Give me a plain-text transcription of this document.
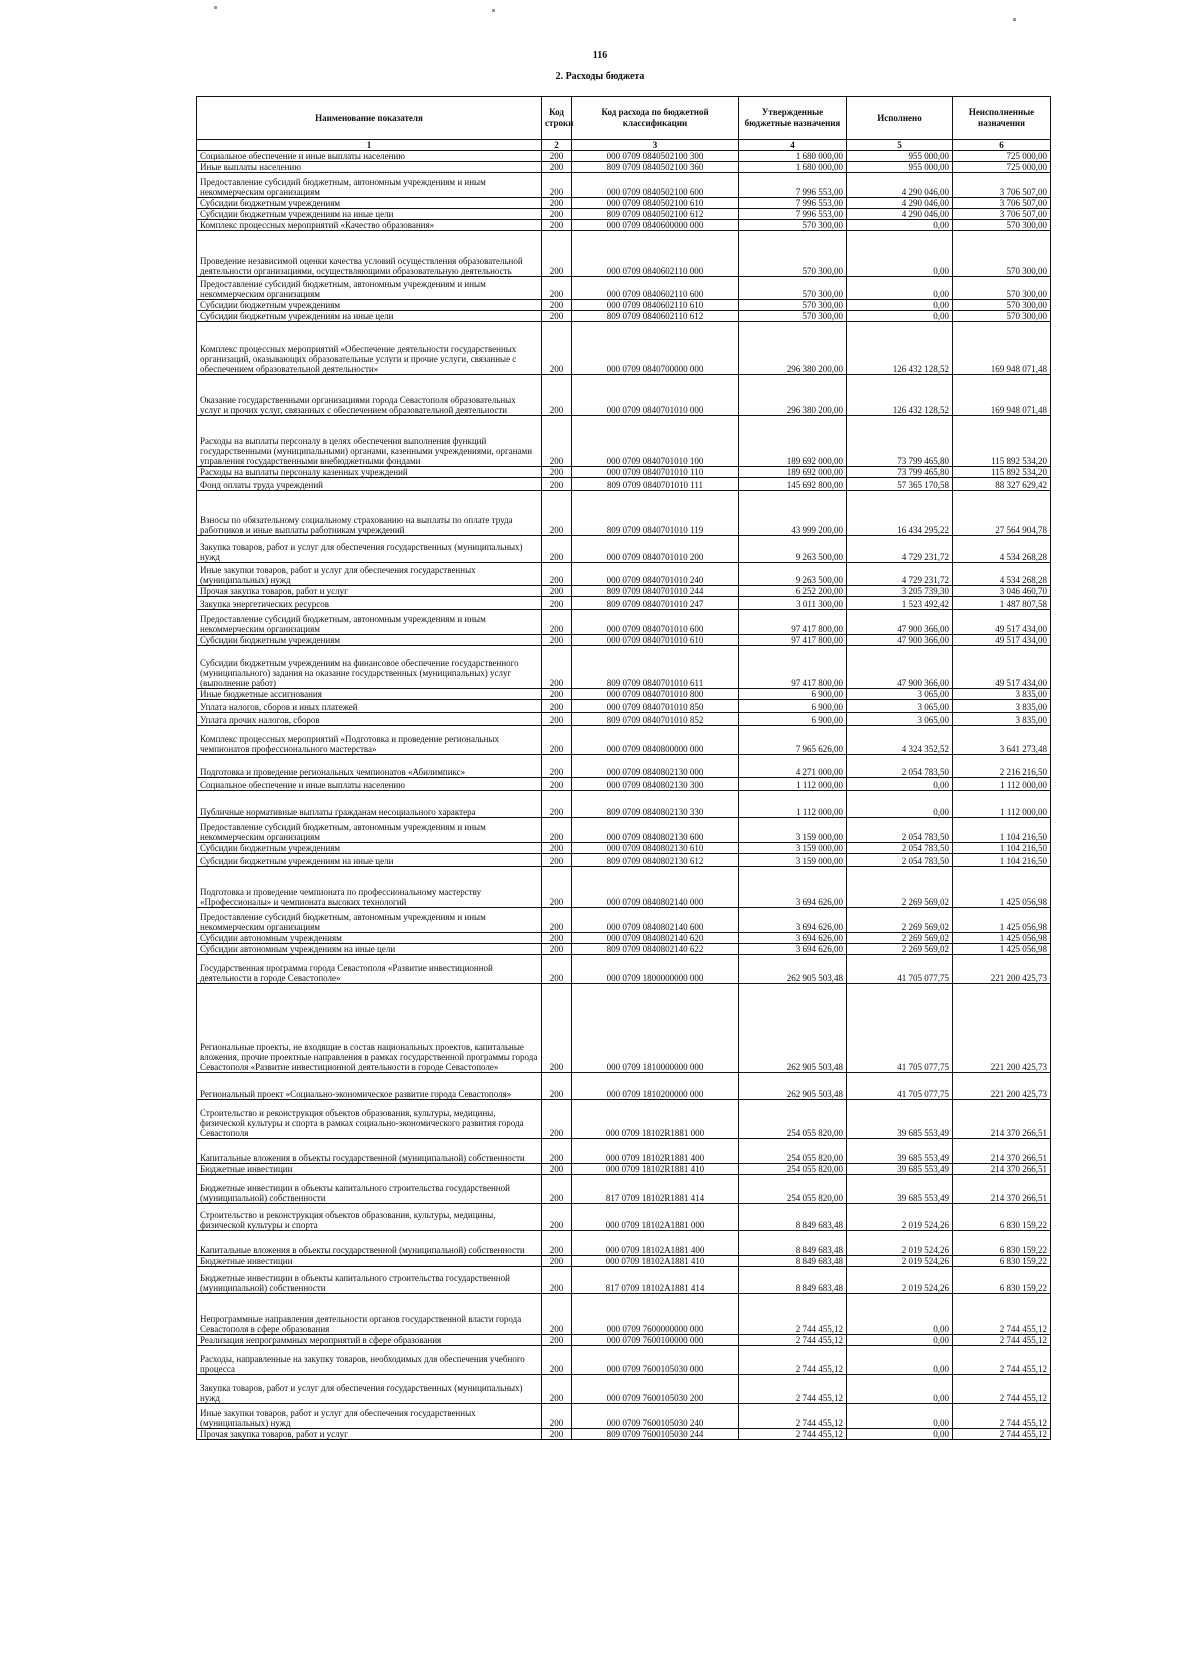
116
2. Расходы бюджета
Наименование показателя	Код строки	Код расхода по бюджетной классификации	Утвержденные бюджетные назначения	Исполнено	Неисполненные назначения
1	2	3	4	5	6
Социальное обеспечение и иные выплаты населению	200	000 0709 0840502100 300	1 680 000,00	955 000,00	725 000,00
Иные выплаты населению	200	809 0709 0840502100 360	1 680 000,00	955 000,00	725 000,00
Предоставление субсидий бюджетным, автономным учреждениям и иным некоммерческим организациям	200	000 0709 0840502100 600	7 996 553,00	4 290 046,00	3 706 507,00
Субсидии бюджетным учреждениям	200	000 0709 0840502100 610	7 996 553,00	4 290 046,00	3 706 507,00
Субсидии бюджетным учреждениям на иные цели	200	809 0709 0840502100 612	7 996 553,00	4 290 046,00	3 706 507,00
Комплекс процессных мероприятий «Качество образования»	200	000 0709 0840600000 000	570 300,00	0,00	570 300,00
Проведение независимой оценки качества условий осуществления образовательной деятельности организациями, осуществляющими образовательную деятельность	200	000 0709 0840602110 000	570 300,00	0,00	570 300,00
Предоставление субсидий бюджетным, автономным учреждениям и иным некоммерческим организациям	200	000 0709 0840602110 600	570 300,00	0,00	570 300,00
Субсидии бюджетным учреждениям	200	000 0709 0840602110 610	570 300,00	0,00	570 300,00
Субсидии бюджетным учреждениям на иные цели	200	809 0709 0840602110 612	570 300,00	0,00	570 300,00
Комплекс процессных мероприятий «Обеспечение деятельности государственных организаций, оказывающих образовательные услуги и прочие услуги, связанные с обеспечением образовательной деятельности»	200	000 0709 0840700000 000	296 380 200,00	126 432 128,52	169 948 071,48
Оказание государственными организациями города Севастополя образовательных услуг и прочих услуг, связанных с обеспечением образовательной деятельности	200	000 0709 0840701010 000	296 380 200,00	126 432 128,52	169 948 071,48
Расходы на выплаты персоналу в целях обеспечения выполнения функций государственными (муниципальными) органами, казенными учреждениями, органами управления государственными внебюджетными фондами	200	000 0709 0840701010 100	189 692 000,00	73 799 465,80	115 892 534,20
Расходы на выплаты персоналу казенных учреждений	200	000 0709 0840701010 110	189 692 000,00	73 799 465,80	115 892 534,20
Фонд оплаты труда учреждений	200	809 0709 0840701010 111	145 692 800,00	57 365 170,58	88 327 629,42
Взносы по обязательному социальному страхованию на выплаты по оплате труда работников и иные выплаты работникам учреждений	200	809 0709 0840701010 119	43 999 200,00	16 434 295,22	27 564 904,78
Закупка товаров, работ и услуг для обеспечения государственных (муниципальных) нужд	200	000 0709 0840701010 200	9 263 500,00	4 729 231,72	4 534 268,28
Иные закупки товаров, работ и услуг для обеспечения государственных (муниципальных) нужд	200	000 0709 0840701010 240	9 263 500,00	4 729 231,72	4 534 268,28
Прочая закупка товаров, работ и услуг	200	809 0709 0840701010 244	6 252 200,00	3 205 739,30	3 046 460,70
Закупка энергетических ресурсов	200	809 0709 0840701010 247	3 011 300,00	1 523 492,42	1 487 807,58
Предоставление субсидий бюджетным, автономным учреждениям и иным некоммерческим организациям	200	000 0709 0840701010 600	97 417 800,00	47 900 366,00	49 517 434,00
Субсидии бюджетным учреждениям	200	000 0709 0840701010 610	97 417 800,00	47 900 366,00	49 517 434,00
Субсидии бюджетным учреждениям на финансовое обеспечение государственного (муниципального) задания на оказание государственных (муниципальных) услуг (выполнение работ)	200	809 0709 0840701010 611	97 417 800,00	47 900 366,00	49 517 434,00
Иные бюджетные ассигнования	200	000 0709 0840701010 800	6 900,00	3 065,00	3 835,00
Уплата налогов, сборов и иных платежей	200	000 0709 0840701010 850	6 900,00	3 065,00	3 835,00
Уплата прочих налогов, сборов	200	809 0709 0840701010 852	6 900,00	3 065,00	3 835,00
Комплекс процессных мероприятий «Подготовка и проведение региональных чемпионатов профессионального мастерства»	200	000 0709 0840800000 000	7 965 626,00	4 324 352,52	3 641 273,48
Подготовка и проведение региональных чемпионатов «Абилимпикс»	200	000 0709 0840802130 000	4 271 000,00	2 054 783,50	2 216 216,50
Социальное обеспечение и иные выплаты населению	200	000 0709 0840802130 300	1 112 000,00	0,00	1 112 000,00
Публичные нормативные выплаты гражданам несоциального характера	200	809 0709 0840802130 330	1 112 000,00	0,00	1 112 000,00
Предоставление субсидий бюджетным, автономным учреждениям и иным некоммерческим организациям	200	000 0709 0840802130 600	3 159 000,00	2 054 783,50	1 104 216,50
Субсидии бюджетным учреждениям	200	000 0709 0840802130 610	3 159 000,00	2 054 783,50	1 104 216,50
Субсидии бюджетным учреждениям на иные цели	200	809 0709 0840802130 612	3 159 000,00	2 054 783,50	1 104 216,50
Подготовка и проведение чемпионата по профессиональному мастерству «Профессионалы» и чемпионата высоких технологий	200	000 0709 0840802140 000	3 694 626,00	2 269 569,02	1 425 056,98
Предоставление субсидий бюджетным, автономным учреждениям и иным некоммерческим организациям	200	000 0709 0840802140 600	3 694 626,00	2 269 569,02	1 425 056,98
Субсидии автономным учреждениям	200	000 0709 0840802140 620	3 694 626,00	2 269 569,02	1 425 056,98
Субсидии автономным учреждениям на иные цели	200	809 0709 0840802140 622	3 694 626,00	2 269 569,02	1 425 056,98
Государственная программа города Севастополя «Развитие инвестиционной деятельности в городе Севастополе»	200	000 0709 1800000000 000	262 905 503,48	41 705 077,75	221 200 425,73
Региональные проекты, не входящие в состав национальных проектов, капитальные вложения, прочие проектные направления в рамках государственной программы города Севастополя «Развитие инвестиционной деятельности в городе Севастополе»	200	000 0709 1810000000 000	262 905 503,48	41 705 077,75	221 200 425,73
Региональный проект «Социально-экономическое развитие города Севастополя»	200	000 0709 1810200000 000	262 905 503,48	41 705 077,75	221 200 425,73
Строительство и реконструкция объектов образования, культуры, медицины, физической культуры и спорта в рамках социально-экономического развития города Севастополя	200	000 0709 18102R1881 000	254 055 820,00	39 685 553,49	214 370 266,51
Капитальные вложения в объекты государственной (муниципальной) собственности	200	000 0709 18102R1881 400	254 055 820,00	39 685 553,49	214 370 266,51
Бюджетные инвестиции	200	000 0709 18102R1881 410	254 055 820,00	39 685 553,49	214 370 266,51
Бюджетные инвестиции в объекты капитального строительства государственной (муниципальной) собственности	200	817 0709 18102R1881 414	254 055 820,00	39 685 553,49	214 370 266,51
Строительство и реконструкция объектов образования, культуры, медицины, физической культуры и спорта	200	000 0709 18102A1881 000	8 849 683,48	2 019 524,26	6 830 159,22
Капитальные вложения в объекты государственной (муниципальной) собственности	200	000 0709 18102A1881 400	8 849 683,48	2 019 524,26	6 830 159,22
Бюджетные инвестиции	200	000 0709 18102A1881 410	8 849 683,48	2 019 524,26	6 830 159,22
Бюджетные инвестиции в объекты капитального строительства государственной (муниципальной) собственности	200	817 0709 18102A1881 414	8 849 683,48	2 019 524,26	6 830 159,22
Непрограммные направления деятельности органов государственной власти города Севастополя в сфере образования	200	000 0709 7600000000 000	2 744 455,12	0,00	2 744 455,12
Реализация непрограммных мероприятий в сфере образования	200	000 0709 7600100000 000	2 744 455,12	0,00	2 744 455,12
Расходы, направленные на закупку товаров, необходимых для обеспечения учебного процесса	200	000 0709 7600105030 000	2 744 455,12	0,00	2 744 455,12
Закупка товаров, работ и услуг для обеспечения государственных (муниципальных) нужд	200	000 0709 7600105030 200	2 744 455,12	0,00	2 744 455,12
Иные закупки товаров, работ и услуг для обеспечения государственных (муниципальных) нужд	200	000 0709 7600105030 240	2 744 455,12	0,00	2 744 455,12
Прочая закупка товаров, работ и услуг	200	809 0709 7600105030 244	2 744 455,12	0,00	2 744 455,12
